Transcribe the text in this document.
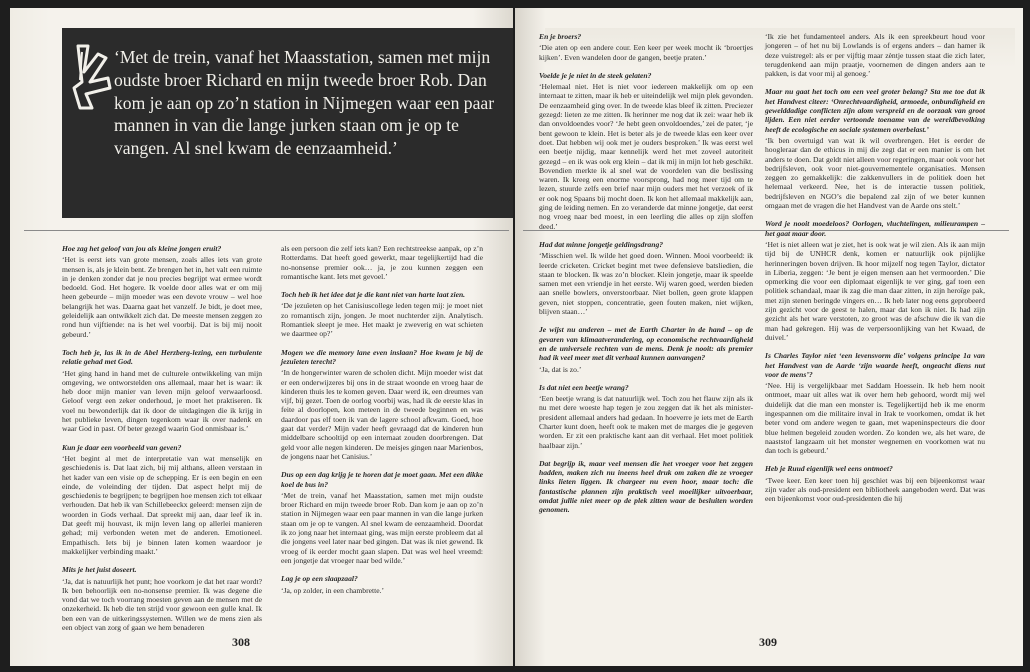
‘Met de trein, vanaf het Maasstation, samen met mijn oudste broer Richard en mijn tweede broer Rob. Dan kom je aan op zo’n station in Nijmegen waar een paar mannen in van die lange jurken staan om je op te vangen. Al snel kwam de eenzaamheid.’

Hoe zag het geloof van jou als kleine jongen eruit?

‘Het is eerst iets van grote mensen, zoals alles iets van grote mensen is, als je klein bent. Ze brengen het in, het valt een ruimte in je denken zonder dat je nou precies begrijpt wat ermee wordt bedoeld. God. Het hogere. Ik voelde door alles wat er om mij heen gebeurde – mijn moeder was een devote vrouw – wel hoe belangrijk het was. Daarna gaat het vanzelf. Je bidt, je doet mee, geleidelijk aan ontwikkelt zich dat. De meeste mensen zeggen zo rond hun vijftiende: na is het wel voorbij. Dat is bij mij nooit gebeurd.’

Toch heb je, las ik in de Abel Herzberg-lezing, een turbulente relatie gehad met God.

‘Het ging hand in hand met de culturele ontwikkeling van mijn omgeving, we ontworstelden ons allemaal, maar het is waar: ik heb door mijn manier van leven mijn geloof verwaarloosd. Geloof vergt een zeker onderhoud, je moet het praktiseren. Ik voel nu bewonderlijk dat ik door de uitdagingen die ik krijg in het publieke leven, dingen tegenkom waar ik over nadenk en waar God in past. Of beter gezegd waarin God onmisbaar is.’

Kun je daar een voorbeeld van geven?

‘Het begint al met de interpretatie van wat menselijk en geschiedenis is. Dat laat zich, bij mij althans, alleen verstaan in het kader van een visie op de schepping. Er is een begin en een einde, de voleinding der tijden. Dat aspect helpt mij de geschiedenis te begrijpen; te begrijpen hoe mensen zich tot elkaar verhouden. Dat heb ik van Schillebeeckx geleerd: mensen zijn de woorden in Gods verhaal. Dat spreekt mij aan, daar leef ik in. Dat geeft mij houvast, ik mijn leven lang op allerlei manieren gehad; mij verbonden weten met de anderen. Emotioneel. Empathisch. Iets bij je binnen laten komen waardoor je makkelijker verbinding maakt.’

Mits je het juist doseert.

‘Ja, dat is natuurlijk het punt; hoe voorkom je dat het raar wordt? Ik ben behoorlijk een no-nonsense premier. Ik was degene die vond dat we toch voorrang moesten geven aan de mensen met de onzekerheid. Ik heb die ten strijd voor gewoon een gulle knal. Ik ben een van de uitkeringssystemen. Willen we de mens zien als een object van zorg of gaan we hem benaderen

als een persoon die zelf iets kan? Een rechtstreekse aanpak, op z’n Rotterdams. Dat heeft goed gewerkt, maar tegelijkertijd had die no-nonsense premier ook… ja, je zou kunnen zeggen een romantische kant. Iets met gevoel.’

Toch heb ik het idee dat je die kant niet van harte laat zien.

‘De jezuïeten op het Canisiuscollege leden tegen mij: je moet niet zo romantisch zijn, jongen. Je moet nuchterder zijn. Analytisch. Romantiek sleept je mee. Het maakt je zweverig en wat schieten we daarmee op?’

Mogen we die memory lane even inslaan? Hoe kwam je bij de jezuïeten terecht?

‘In de hongerwinter waren de scholen dicht. Mijn moeder wist dat er een onderwijzeres bij ons in de straat woonde en vroeg haar de kinderen thuis les te komen geven. Daar werd ik, een dreumes van vijf, bij gezet. Toen de oorlog voorbij was, had ik de eerste klas in feite al doorlopen, kon meteen in de tweede beginnen en was daardoor pas elf toen ik van de lagere school afkwam. Goed, hoe gaat dat verder? Mijn vader heeft gevraagd dat de kinderen hun middelbare schooltijd op een internaat zouden doorbrengen. Dat geld voor alle negen kinderen. De meisjes gingen naar Marienbos, de jongens naar het Canisius.’

Dus op een dag krijg je te horen dat je moet gaan. Met een dikke koel de bus in?

‘Met de trein, vanaf het Maasstation, samen met mijn oudste broer Richard en mijn tweede broer Rob. Dan kom je aan op zo’n station in Nijmegen waar een paar mannen in van die lange jurken staan om je op te vangen. Al snel kwam de eenzaamheid. Doordat ik zo jong naar het internaat ging, was mijn eerste probleem dat al die jongens veel later naar bed gingen. Dat was ik niet gewend. Ik vroeg of ik eerder mocht gaan slapen. Dat was wel heel vreemd: een jongetje dat vroeger naar bed wilde.’

Lag je op een slaapzaal?

‘Ja, op zolder, in een chambrette.’

308

En je broers?

‘Die aten op een andere cour. Een keer per week mocht ik ‘broertjes kijken’. Even wandelen door de gangen, beetje praten.’

Voelde je je niet in de steek gelaten?

‘Helemaal niet. Het is niet voor iedereen makkelijk om op een internaat te zitten, maar ik heb er uiteindelijk wel mijn plek gevonden. De eenzaamheid ging over. In de tweede klas bleef ik zitten. Preciezer gezegd: lieten ze me zitten. Ik herinner me nog dat ik zei: waar heb ik dan onvoldoendes voor? ‘Je hebt geen onvoldoendes,’ zei de pater, ‘je bent gewoon te klein. Het is beter als je de tweede klas een keer over doet. Dat hebben wij ook met je ouders besproken.’ Ik was eerst wel een beetje nijdig, maar kennelijk werd het met zoveel autoriteit gezegd – en ik was ook erg klein – dat ik mij in mijn lot heb geschikt. Bovendien merkte ik al snel wat de voordelen van die beslissing waren. Ik kreeg een enorme voorsprong, had nog meer tijd om te lezen, stuurde zelfs een brief naar mijn ouders met het verzoek of ik er ook nog Spaans bij mocht doen. Ik kon het allemaal makkelijk aan, ging de leiding nemen. En zo veranderde dat minne jongetje, dat eerst nog vroeg naar bed moest, in een leerling die alles op zijn sloffen deed.’

Had dat minne jongetje geldingsdrang?

‘Misschien wel. Ik wilde het goed doen. Winnen. Mooi voorbeeld: ik leerde cricketen. Cricket begint met twee defensieve batsliedien, die staan te blocken. Ik was zo’n blocker. Klein jongetje, maar ik speelde samen met een vriendje in het eerste. Wij waren goed, werden bieden aan snelle bowlers, onverstoorbaar. Niet bollen, geen grote klappen geven, niet stoppen, concentratie, geen fouten maken, niet wijken, blijven staan…’

Je wijst nu anderen – met de Earth Charter in de hand – op de gevaren van klimaatverandering, op economische rechtvaardigheid en de universele rechten van de mens. Denk je nooit: als premier had ik veel meer met dit verhaal kunnen aanvangen?

‘Ja, dat is zo.’

Is dat niet een beetje wrang?

‘Een beetje wrang is dat natuurlijk wel. Toch zou het flauw zijn als ik nu met dere woeste hap tegen je zou zeggen dat ik het als minister-president allemaal anders had gedaan. In hoeverre je iets met de Earth Charter kunt doen, heeft ook te maken met de marges die je gegeven worden. Er zit een praktische kant aan dit verhaal. Het moet politiek haalbaar zijn.’

Dat begrijp ik, maar veel mensen die het vroeger voor het zeggen hadden, maken zich nu ineens heel druk om zaken die ze vroeger links lieten liggen. Ik chargeer nu even hoor, maar toch: die fantastische plannen zijn praktisch veel moeilijker uitvoerbaar, omdat jullie niet meer op de plek zitten waar de besluiten worden genomen.

‘Ik zie het fundamenteel anders. Als ik een spreekbeurt houd voor jongeren – of het nu bij Lowlands is of ergens anders – dan hamer ik deze vuistregel: als er per vijftig maar zèntje tussen staat die zich later, terugdenkend aan mijn praatje, voornemen de dingen anders aan te pakken, is dat voor mij al genoeg.’

Maar nu gaat het toch om een veel groter belang? Sta me toe dat ik het Handvest citeer: ‘Onrechtvaardigheid, armoede, onbundigheid en gewelddadige conflicten zijn alom verspreid en de oorzaak van groot lijden. Een niet eerder vertoonde toename van de wereldbevolking heeft de ecologische en sociale systemen overbelast.’

‘Ik ben overtuigd van wat ik wil overbrengen. Het is eerder de hoogleraar dan de ethicus in mij die zegt dat er een manier is om het anders te doen. Dat geldt niet alleen voor regeringen, maar ook voor het bedrijfsleven, ook voor niet-gouvernementele organisaties. Mensen zeggen zo gemakkelijk: die zakkenvullers in de politiek doen het helemaal verkeerd. Nee, het is de interactie tussen politiek, bedrijfsleven en NGO’s die bepalend zal zijn of we beter kunnen omgaan met de vragen die het Handvest van de Aarde ons stelt.’

Word je nooit moedeloos? Oorlogen, vluchtelingen, milieurampen – het gaat maar door.

‘Het is niet alleen wat je ziet, het is ook wat je wil zien. Als ik aan mijn tijd bij de UNHCR denk, komen er natuurlijk ook pijnlijke herinneringen boven drijven. Ik hoor mijzelf nog tegen Taylor, dictator in Liberia, zeggen: ‘Je bent je eigen mensen aan het vermoorden.’ Die opmerking die voor een diplomaat eigenlijk te ver ging, gaf toen een politiek schandaal, maar ik zag die man daar zitten, in zijn heroïge pak, met zijn stenen beringde vingers en… Ik heb later nog eens geprobeerd zijn gezicht voor de geest te halen, maar dat kon ik niet. Ik had zijn gezicht als het ware verstoten, zo groot was de afschuw die ik van die man had gekregen. Hij was de verpersoonlijking van het Kwaad, de duivel.’

Is Charles Taylor niet ‘een levensvorm die’ volgens principe 1a van het Handvest van de Aarde ‘zijn waarde heeft, ongeacht diens nut voor de mens’?

‘Nee. Hij is vergelijkbaar met Saddam Hoessein. Ik heb hem nooit ontmoet, maar uit alles wat ik over hem heb gehoord, wordt mij wel duidelijk dat die man een monster is. Tegelijkertijd heb ik me enorm ingespannen om die militaire inval in Irak te voorkomen, omdat ik het beter vond om andere wegen te gaan, met wapeninspecteurs die door blue helmen begeleid zouden worden. Zo konden we, als het ware, de naaststof langzaam uit het monster wegnemen en voorkomen wat nu dan toch is gebeurd.’

Heb je Ruud eigenlijk wel eens ontmoet?

‘Twee keer. Een keer toen hij geschiet was bij een bijeenkomst waar zijn vader als oud-president een bibliotheek aangeboden werd. Dat was een bijeenkomst voor oud-presidenten die hij

309
